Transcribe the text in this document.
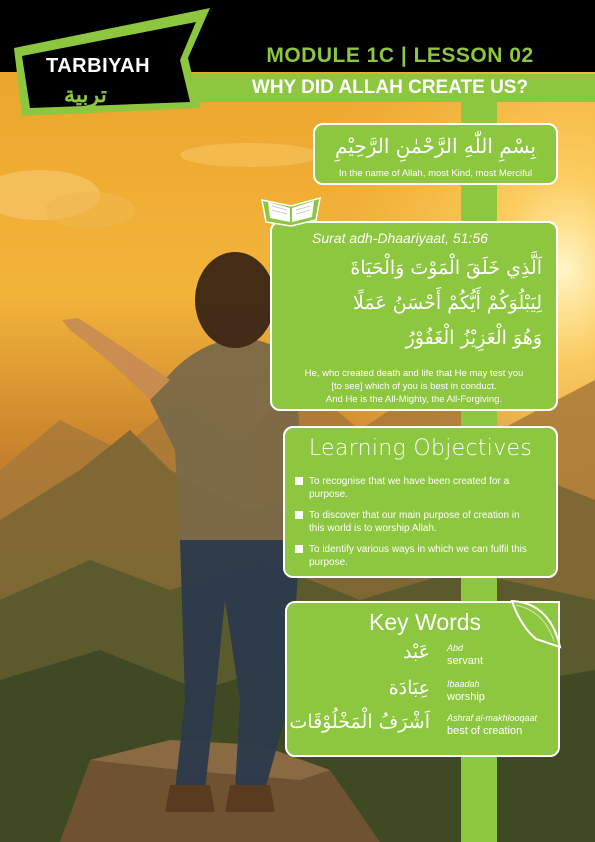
MODULE 1C | LESSON 02
WHY DID ALLAH CREATE US?
TARBIYAH
تربية
بِسْمِ اللّٰهِ الرَّحْمٰنِ الرَّحِيْمِ
In the name of Allah, most Kind, most Merciful
Surat adh-Dhaariyaat, 51:56
اَلَّذِي خَلَقَ الْمَوْتَ وَالْحَيَاةَ
لِيَبْلُوَكُمْ أَيُّكُمْ أَحْسَنُ عَمَلًا
وَهُوَ الْعَزِيْزُ الْغَفُوْرُ
He, who created death and life that He may test you
[to see] which of you is best in conduct.
And He is the All-Mighty, the All-Forgiving.
Learning Objectives
To recognise that we have been created for a
purpose.
To discover that our main purpose of creation in
this world is to worship Allah.
To identify various ways in which we can fulfil this
purpose.
Key Words
عَبْد Abd
servant
عِبَادَة Ibaadah
worship
اَشْرَفُ الْمَخْلُوْقَات Ashraf al-makhlooqaat
best of creation
